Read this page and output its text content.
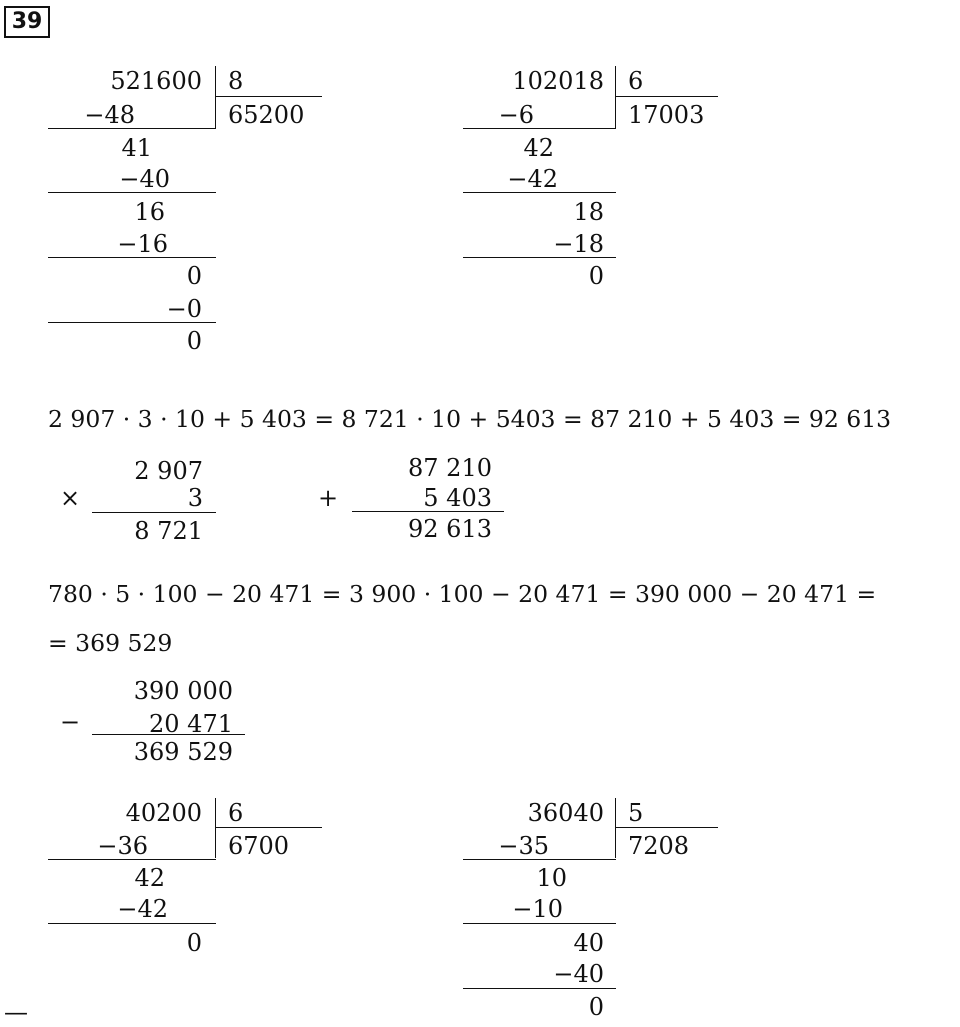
39
521600 8
65200
−48
41
−40
16
−16
0
−0
0
102018 6
17003
−6
42
−42
18
−18
0
2 907 · 3 · 10 + 5 403 = 8 721 · 10 + 5403 = 87 210 + 5 403 = 92 613
×
2 907
3
8 721
+
87 210
5 403
92 613
780 · 5 · 100 − 20 471 = 3 900 · 100 − 20 471 = 390 000 − 20 471 =
= 369 529
−
390 000
20 471
369 529
40200 6
6700
−36
42
−42
0
36040 5
7208
−35
10
−10
40
−40
0
—
